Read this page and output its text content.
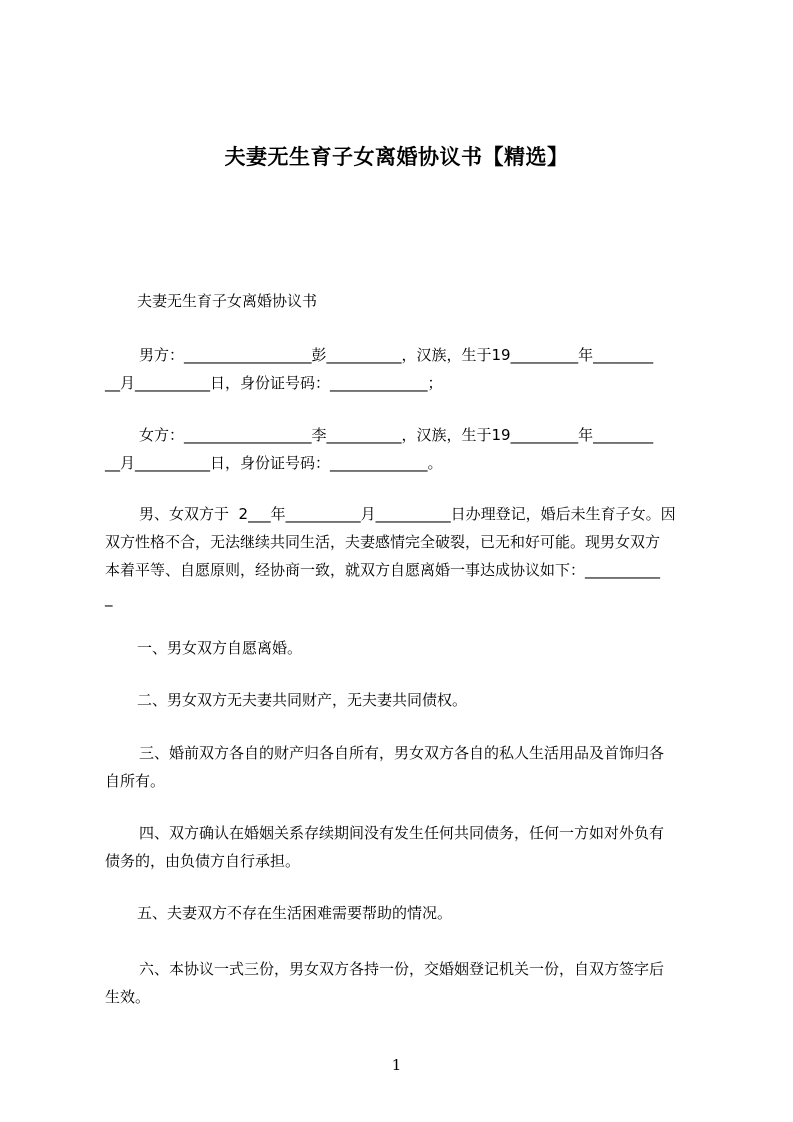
夫妻无生育子女离婚协议书【精选】
夫妻无生育子女离婚协议书
男方：_________________彭__________，汉族，生于19_________年________
__月__________日，身份证号码：_____________；
女方：_________________李__________，汉族，生于19_________年________
__月__________日，身份证号码：_____________。
男、女双方于  2___年__________月__________日办理登记，婚后未生育子女。因
双方性格不合，无法继续共同生活，夫妻感情完全破裂，已无和好可能。现男女双方
本着平等、自愿原则，经协商一致，就双方自愿离婚一事达成协议如下：__________
_
一、男女双方自愿离婚。
二、男女双方无夫妻共同财产，无夫妻共同债权。
三、婚前双方各自的财产归各自所有，男女双方各自的私人生活用品及首饰归各
自所有。
四、双方确认在婚姻关系存续期间没有发生任何共同债务，任何一方如对外负有
债务的，由负债方自行承担。
五、夫妻双方不存在生活困难需要帮助的情况。
六、本协议一式三份，男女双方各持一份，交婚姻登记机关一份，自双方签字后
生效。
1
